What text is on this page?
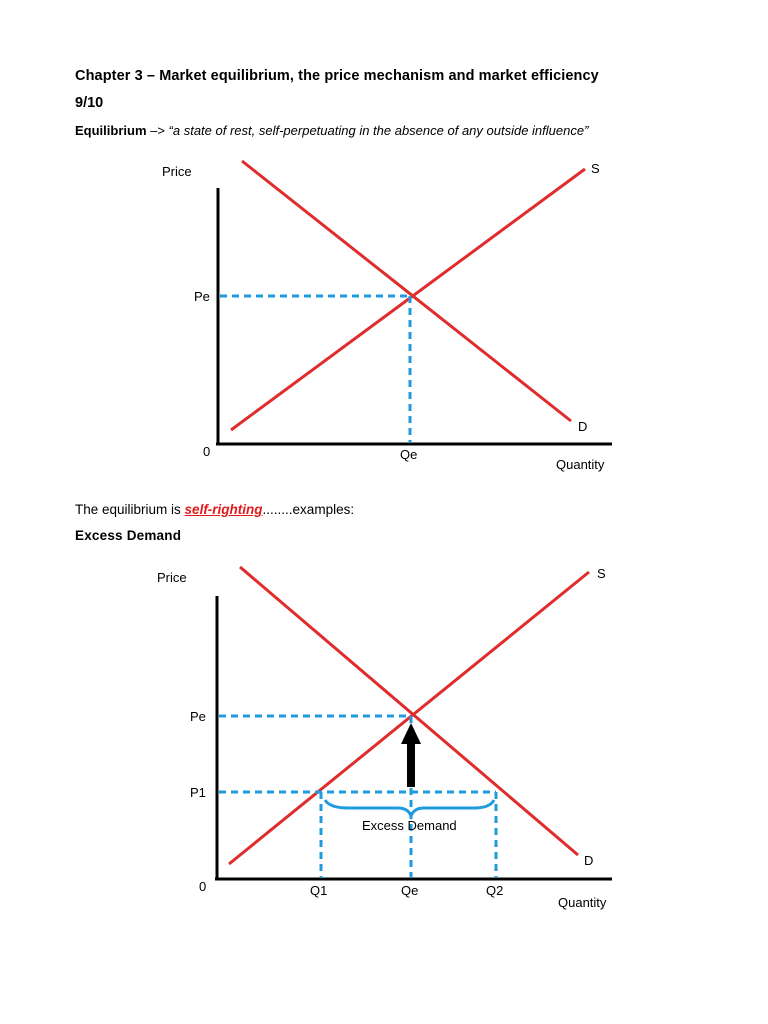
Chapter 3 – Market equilibrium, the price mechanism and market efficiency
9/10
Equilibrium –> “a state of rest, self-perpetuating in the absence of any outside influence”
Price
Quantity
0
S
D
Pe
Qe
The equilibrium is self-righting........examples:
Excess Demand
Price
Quantity
0
S
D
Excess Demand
Pe
P1
Q1	Qe	Q2
